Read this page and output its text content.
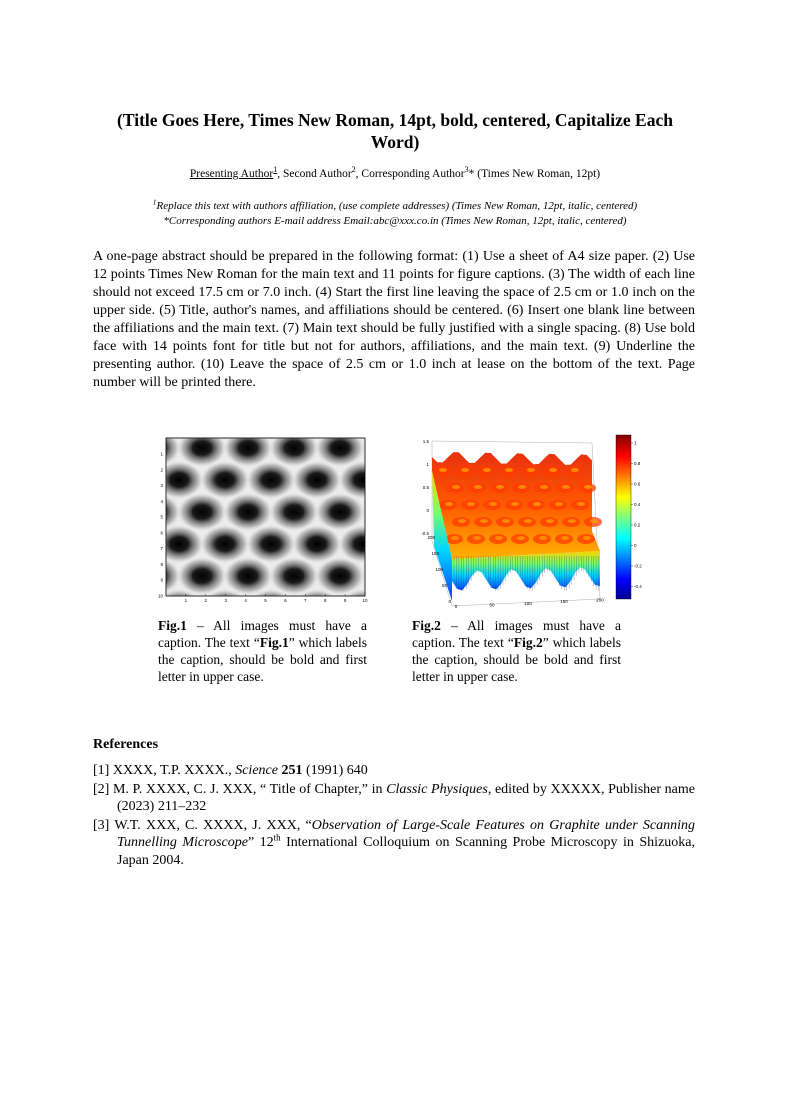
(Title Goes Here, Times New Roman, 14pt, bold, centered, Capitalize Each Word)
Presenting Author$^1$, Second Author$^2$, Corresponding Author$^3$* (Times New Roman, 12pt)
$^1$Replace this text with authors affiliation, (use complete addresses) (Times New Roman, 12pt, italic, centered)
*Corresponding authors E-mail address Email:abc@xxx.co.in (Times New Roman, 12pt, italic, centered)
A one-page abstract should be prepared in the following format: (1) Use a sheet of A4 size paper. (2) Use 12 points Times New Roman for the main text and 11 points for figure captions. (3) The width of each line should not exceed 17.5 cm or 7.0 inch. (4) Start the first line leaving the space of 2.5 cm or 1.0 inch on the upper side. (5) Title, author's names, and affiliations should be centered. (6) Insert one blank line between the affiliations and the main text. (7) Main text should be fully justified with a single spacing. (8) Use bold face with 14 points font for title but not for authors, affiliations, and the main text. (9) Underline the presenting author. (10) Leave the space of 2.5 cm or 1.0 inch at lease on the bottom of the text. Page number will be printed there.
1	2	3	4	5	6	7	8	9	10
1
2
3
4
5
6
7
8
9
10
1.5
1
0.5
0
-0.5
200
150
100
50
0
0	50	100	150	200
1
0.8
0.6
0.4
0.2
0
-0.2
-0.4
Fig.1 – All images must have a caption. The text “Fig.1” which labels the caption, should be bold and first letter in upper case.
Fig.2 – All images must have a caption. The text “Fig.2” which labels the caption, should be bold and first letter in upper case.
References
[1] XXXX, T.P. XXXX., Science 251 (1991) 640
[2] M. P. XXXX, C. J. XXX, “ Title of Chapter,” in Classic Physiques, edited by XXXXX, Publisher name (2023) 211–232
[3] W.T. XXX, C. XXXX, J. XXX, “Observation of Large-Scale Features on Graphite under Scanning Tunnelling Microscope” 12th International Colloquium on Scanning Probe Microscopy in Shizuoka, Japan 2004.
